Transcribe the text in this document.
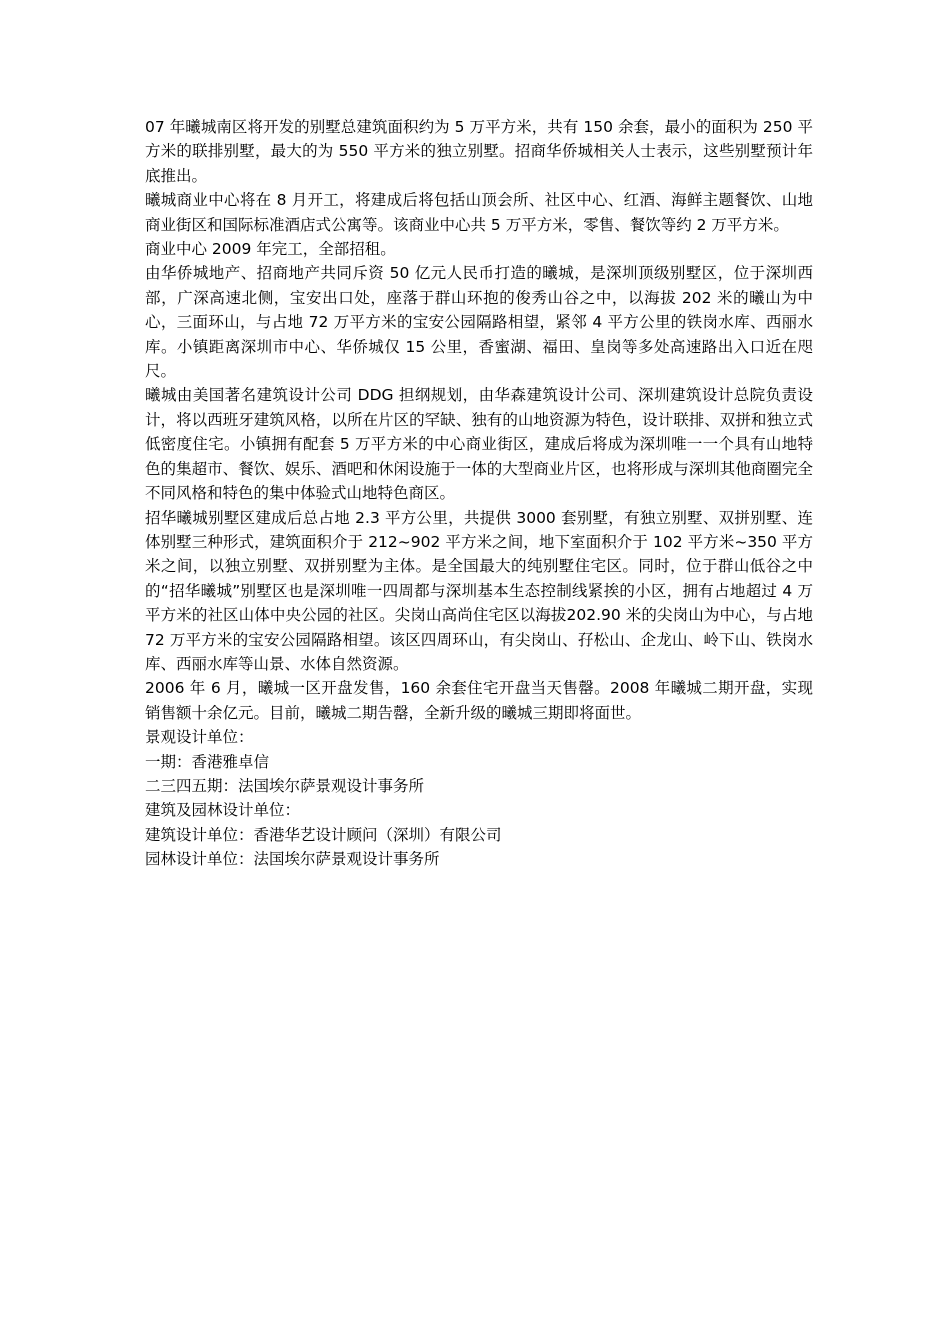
07 年曦城南区将开发的别墅总建筑面积约为 5 万平方米，共有 150 余套，最小的面积为 250 平方米的联排别墅，最大的为 550 平方米的独立别墅。招商华侨城相关人士表示，这些别墅预计年底推出。

曦城商业中心将在 8 月开工，将建成后将包括山顶会所、社区中心、红酒、海鲜主题餐饮、山地商业街区和国际标准酒店式公寓等。该商业中心共 5 万平方米，零售、餐饮等约 2 万平方米。

商业中心 2009 年完工，全部招租。

由华侨城地产、招商地产共同斥资 50 亿元人民币打造的曦城，是深圳顶级别墅区，位于深圳西部，广深高速北侧，宝安出口处，座落于群山环抱的俊秀山谷之中，以海拔 202 米的曦山为中心，三面环山，与占地 72 万平方米的宝安公园隔路相望，紧邻 4 平方公里的铁岗水库、西丽水库。小镇距离深圳市中心、华侨城仅 15 公里，香蜜湖、福田、皇岗等多处高速路出入口近在咫尺。

曦城由美国著名建筑设计公司 DDG 担纲规划，由华森建筑设计公司、深圳建筑设计总院负责设计，将以西班牙建筑风格，以所在片区的罕缺、独有的山地资源为特色，设计联排、双拼和独立式低密度住宅。小镇拥有配套 5 万平方米的中心商业街区，建成后将成为深圳唯一一个具有山地特色的集超市、餐饮、娱乐、酒吧和休闲设施于一体的大型商业片区，也将形成与深圳其他商圈完全不同风格和特色的集中体验式山地特色商区。

招华曦城别墅区建成后总占地 2.3 平方公里，共提供 3000 套别墅，有独立别墅、双拼别墅、连体别墅三种形式，建筑面积介于 212~902 平方米之间，地下室面积介于 102 平方米~350 平方米之间，以独立别墅、双拼别墅为主体。是全国最大的纯别墅住宅区。同时，位于群山低谷之中的“招华曦城”别墅区也是深圳唯一四周都与深圳基本生态控制线紧挨的小区，拥有占地超过 4 万平方米的社区山体中央公园的社区。尖岗山高尚住宅区以海拔202.90 米的尖岗山为中心，与占地 72 万平方米的宝安公园隔路相望。该区四周环山，有尖岗山、孖松山、企龙山、岭下山、铁岗水库、西丽水库等山景、水体自然资源。

2006 年 6 月，曦城一区开盘发售，160 余套住宅开盘当天售罄。2008 年曦城二期开盘，实现销售额十余亿元。目前，曦城二期告罄，全新升级的曦城三期即将面世。

景观设计单位：

一期：香港雅卓信

二三四五期：法国埃尔萨景观设计事务所

建筑及园林设计单位：

建筑设计单位：香港华艺设计顾问（深圳）有限公司

园林设计单位：法国埃尔萨景观设计事务所
